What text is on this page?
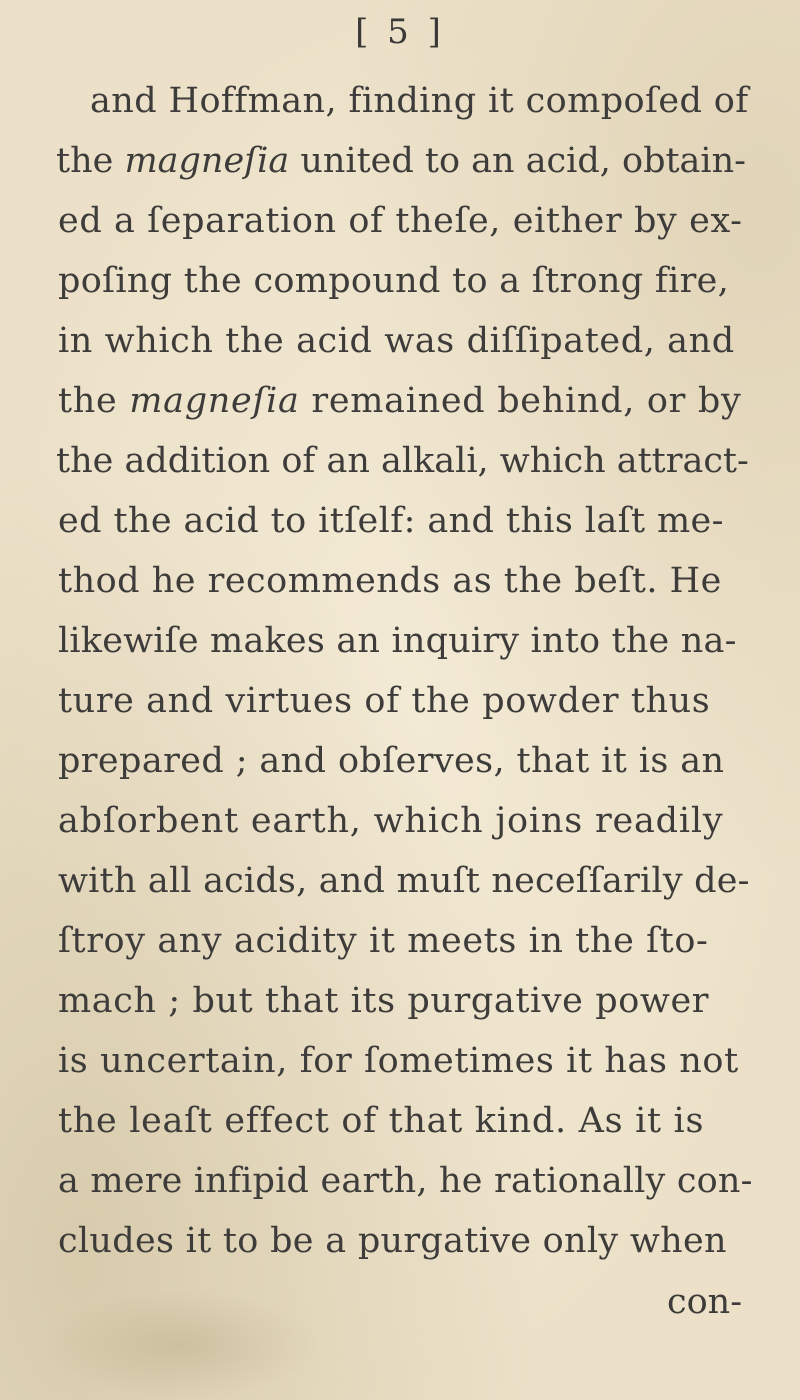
[ 5 ]
and Hoffman, finding it compoſed of
the magneſia united to an acid, obtain-
ed a ſeparation of theſe, either by ex-
poſing the compound to a ſtrong fire,
in which the acid was diſſipated, and
the magneſia remained behind, or by
the addition of an alkali, which attract-
ed the acid to itſelf: and this laſt me-
thod he recommends as the beſt. He
likewiſe makes an inquiry into the na-
ture and virtues of the powder thus
prepared ; and obſerves, that it is an
abſorbent earth, which joins readily
with all acids, and muſt neceſſarily de-
ſtroy any acidity it meets in the ſto-
mach ; but that its purgative power
is uncertain, for ſometimes it has not
the leaſt effect of that kind. As it is
a mere infipid earth, he rationally con-
cludes it to be a purgative only when
con-
